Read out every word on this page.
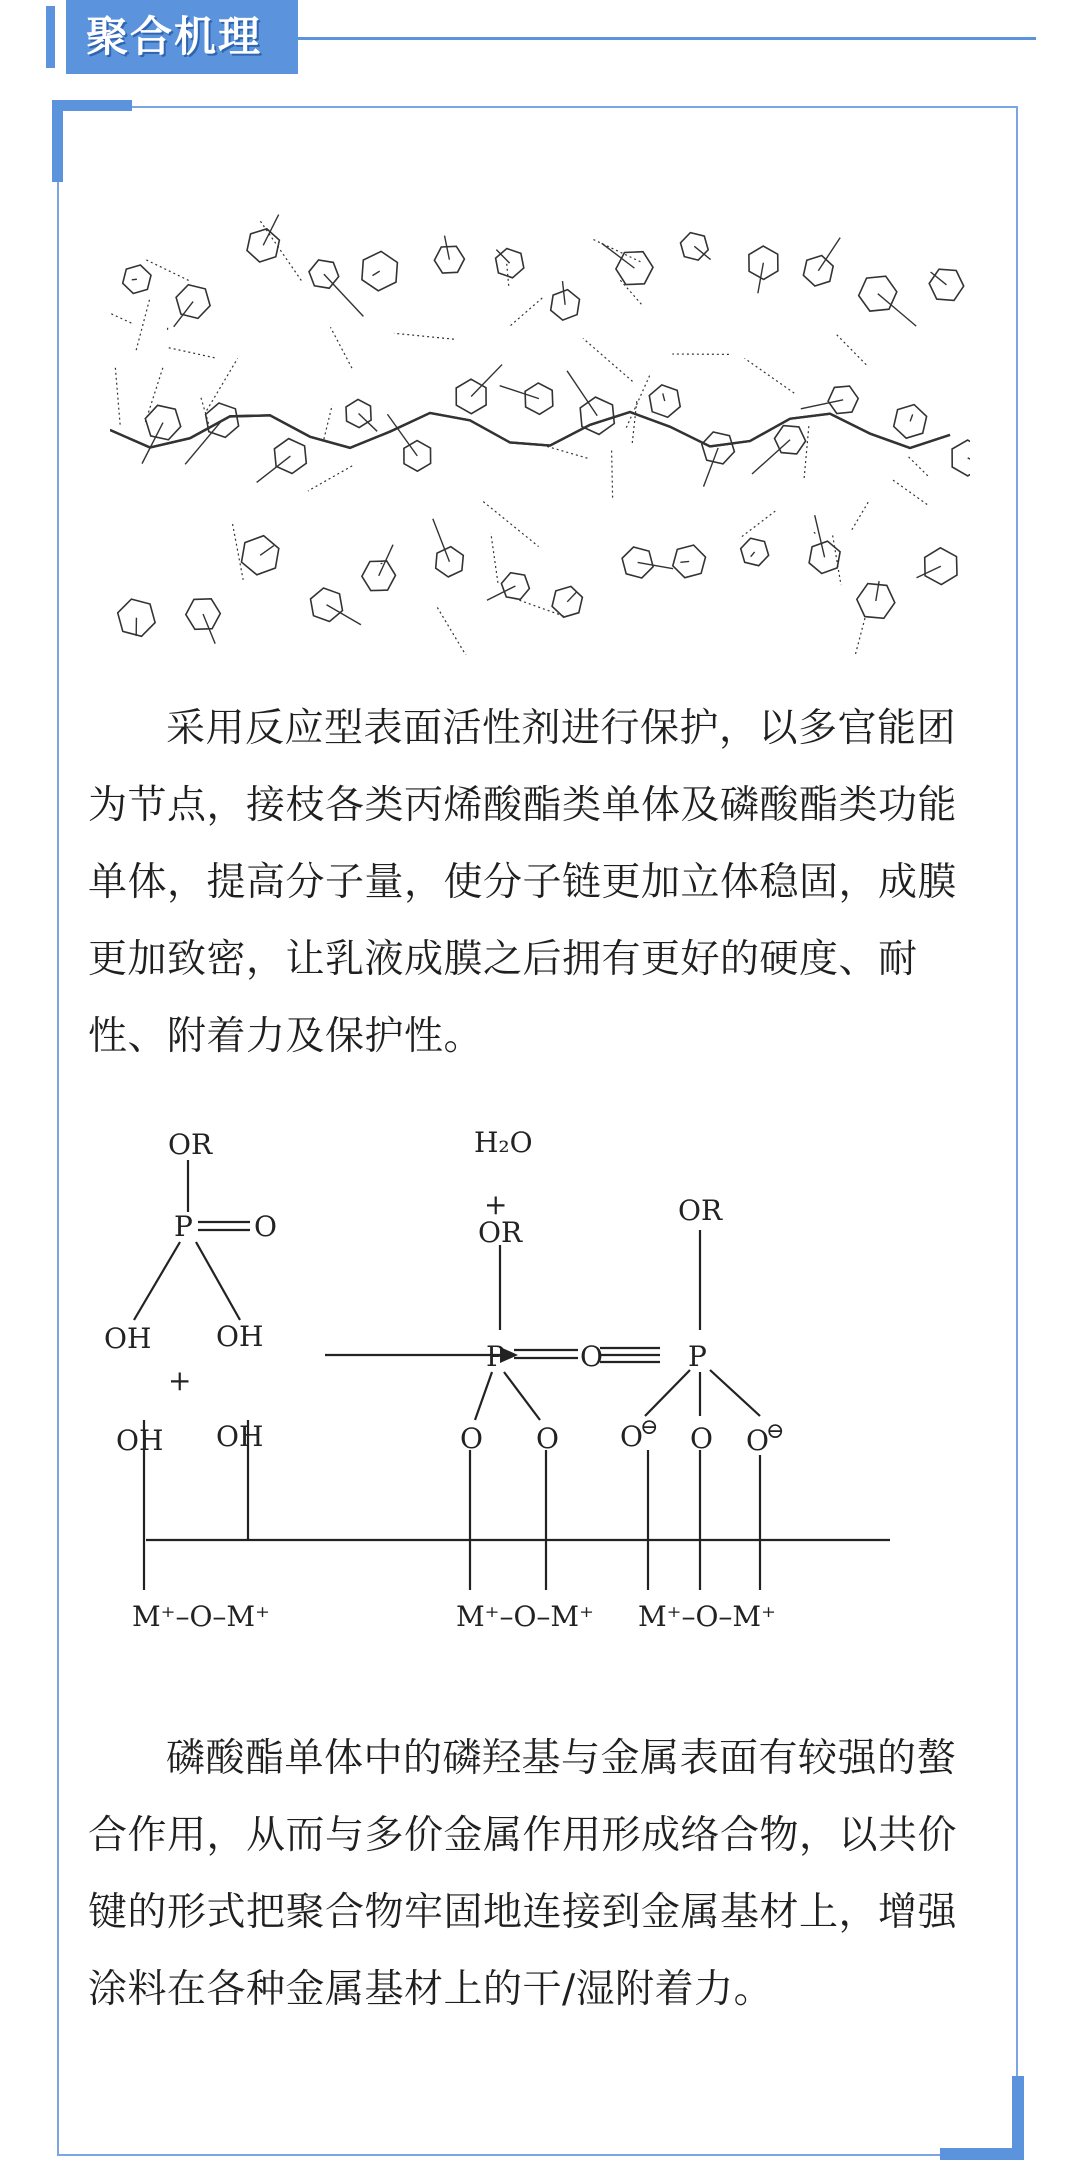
聚合机理
采用反应型表面活性剂进行保护，以多官能团为节点，接枝各类丙烯酸酯类单体及磷酸酯类功能单体，提高分子量，使分子链更加立体稳固，成膜更加致密，让乳液成膜之后拥有更好的硬度、耐性、附着力及保护性。
OR
P O
OH OH
+
OH OH
M⁺–O–M⁺
H₂O
+
OR
P	O
O O
M⁺–O–M⁺
OR
P
O O O
M⁺–O–M⁺
⊖	⊖
磷酸酯单体中的磷羟基与金属表面有较强的螯合作用，从而与多价金属作用形成络合物，以共价键的形式把聚合物牢固地连接到金属基材上，增强涂料在各种金属基材上的干/湿附着力。
